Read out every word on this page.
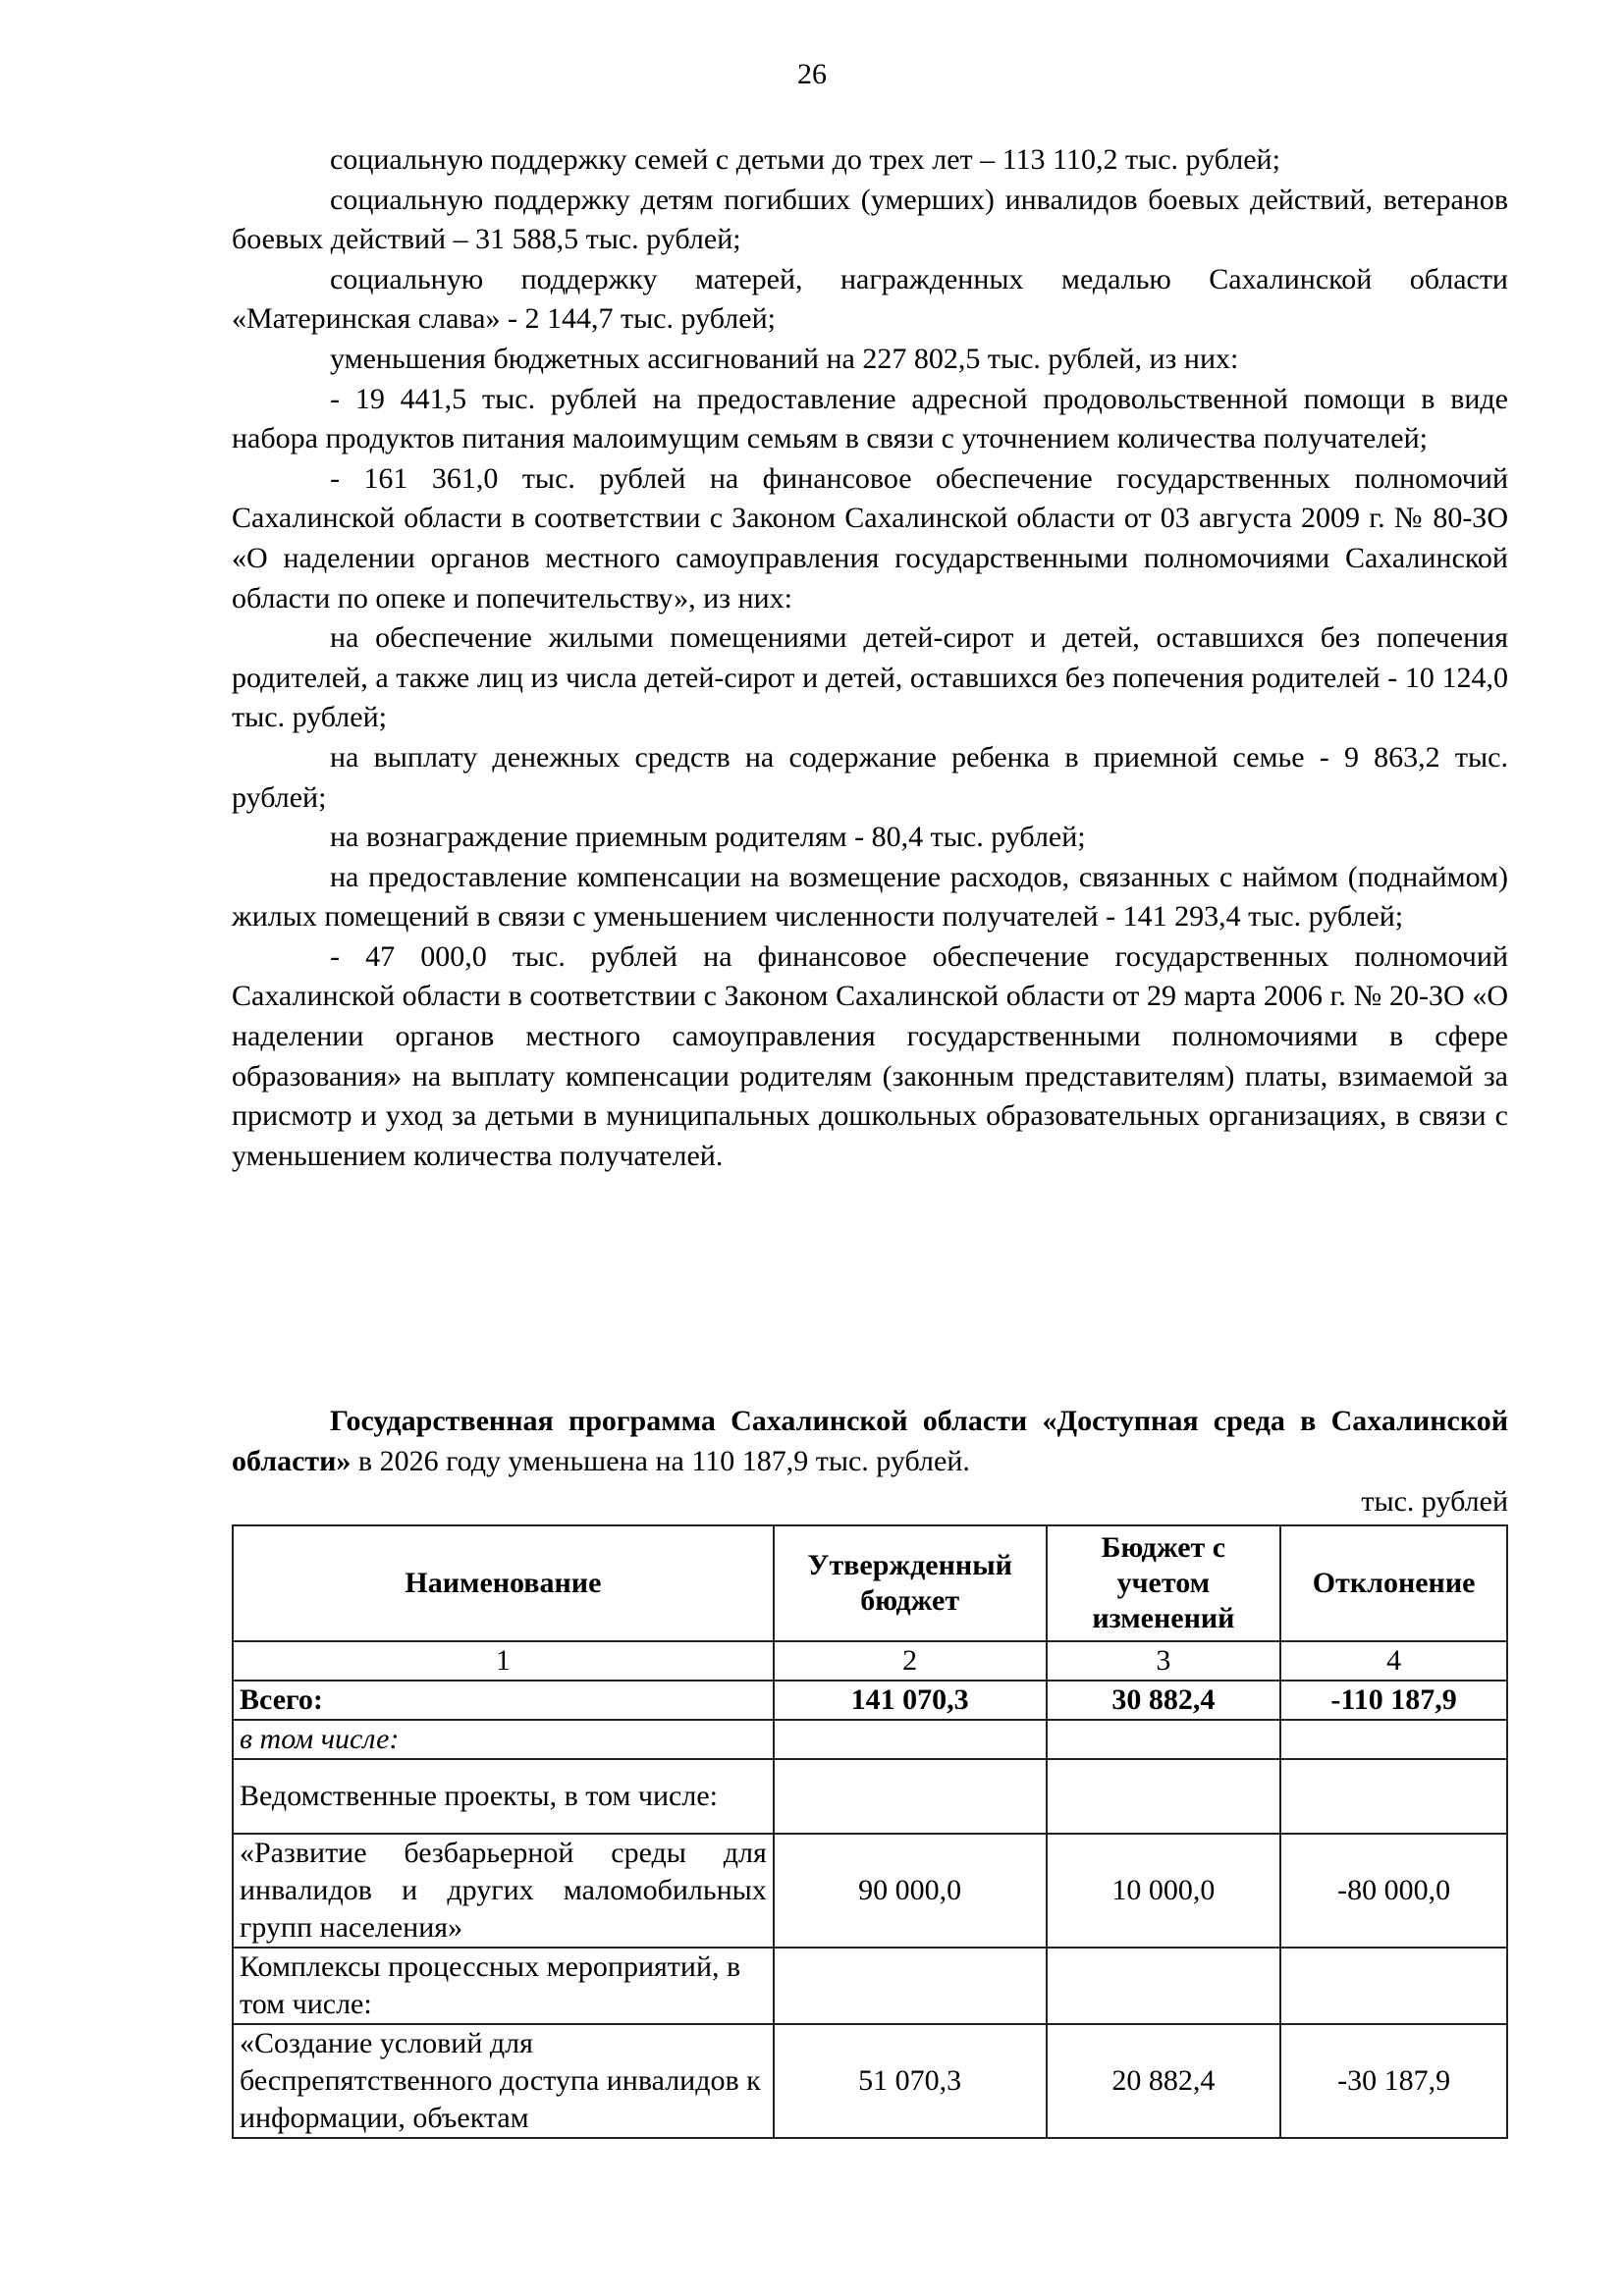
26

социальную поддержку семей с детьми до трех лет – 113 110,2 тыс. рублей;

социальную поддержку детям погибших (умерших) инвалидов боевых действий, ветеранов боевых действий – 31 588,5 тыс. рублей;

социальную поддержку матерей, награжденных медалью Сахалинской области «Материнская слава» - 2 144,7 тыс. рублей;

уменьшения бюджетных ассигнований на 227 802,5 тыс. рублей, из них:

- 19 441,5 тыс. рублей на предоставление адресной продовольственной помощи в виде набора продуктов питания малоимущим семьям в связи с уточнением количества получателей;

- 161 361,0 тыс. рублей на финансовое обеспечение государственных полномочий Сахалинской области в соответствии с Законом Сахалинской области от 03 августа 2009 г. № 80-ЗО «О наделении органов местного самоуправления государственными полномочиями Сахалинской области по опеке и попечительству», из них:

на обеспечение жилыми помещениями детей-сирот и детей, оставшихся без попечения родителей, а также лиц из числа детей-сирот и детей, оставшихся без попечения родителей - 10 124,0 тыс. рублей;

на выплату денежных средств на содержание ребенка в приемной семье - 9 863,2 тыс. рублей;

на вознаграждение приемным родителям - 80,4 тыс. рублей;

на предоставление компенсации на возмещение расходов, связанных с наймом (поднаймом) жилых помещений в связи с уменьшением численности получателей - 141 293,4 тыс. рублей;

- 47 000,0 тыс. рублей на финансовое обеспечение государственных полномочий Сахалинской области в соответствии с Законом Сахалинской области от 29 марта 2006 г. № 20-ЗО «О наделении органов местного самоуправления государственными полномочиями в сфере образования» на выплату компенсации родителям (законным представителям) платы, взимаемой за присмотр и уход за детьми в муниципальных дошкольных образовательных организациях, в связи с уменьшением количества получателей.

Государственная программа Сахалинской области «Доступная среда в Сахалинской области» в 2026 году уменьшена на 110 187,9 тыс. рублей.

тыс. рублей
Наименование	Утвержденный бюджет	Бюджет с учетом изменений	Отклонение
1	2	3	4
Всего:	141 070,3	30 882,4	-110 187,9
в том числе:			
Ведомственные проекты, в том числе:			
«Развитие безбарьерной среды для инвалидов и других маломобильных групп населения»	90 000,0	10 000,0	-80 000,0
Комплексы процессных мероприятий, в том числе:			
«Создание условий для беспрепятственного доступа инвалидов к информации, объектам	51 070,3	20 882,4	-30 187,9
